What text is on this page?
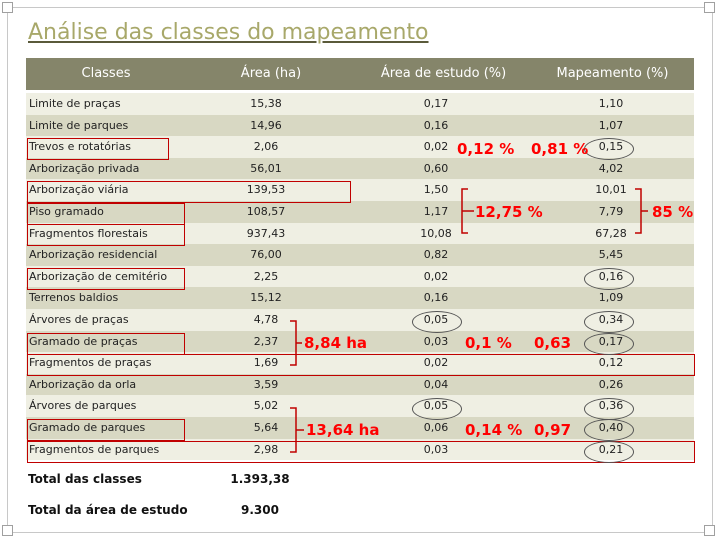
Análise das classes do mapeamento
Classes	Área (ha)	Área de estudo (%)	Mapeamento (%)
Limite de praças	15,38	0,17	1,10
Limite de parques	14,96	0,16	1,07
Trevos e rotatórias	2,06	0,02	0,15
Arborização privada	56,01	0,60	4,02
Arborização viária	139,53	1,50	10,01
Piso gramado	108,57	1,17	7,79
Fragmentos florestais	937,43	10,08	67,28
Arborização residencial	76,00	0,82	5,45
Arborização de cemitério	2,25	0,02	0,16
Terrenos baldios	15,12	0,16	1,09
Árvores de praças	4,78	0,05	0,34
Gramado de praças	2,37	0,03	0,17
Fragmentos de praças	1,69	0,02	0,12
Arborização da orla	3,59	0,04	0,26
Árvores de parques	5,02	0,05	0,36
Gramado de parques	5,64	0,06	0,40
Fragmentos de parques	2,98	0,03	0,21
0,12 % 0,81 %
12,75 %	85 %
8,84 ha	0,1 % 0,63
13,64 ha	0,14 % 0,97
Total das classes	1.393,38
Total da área de estudo	9.300
